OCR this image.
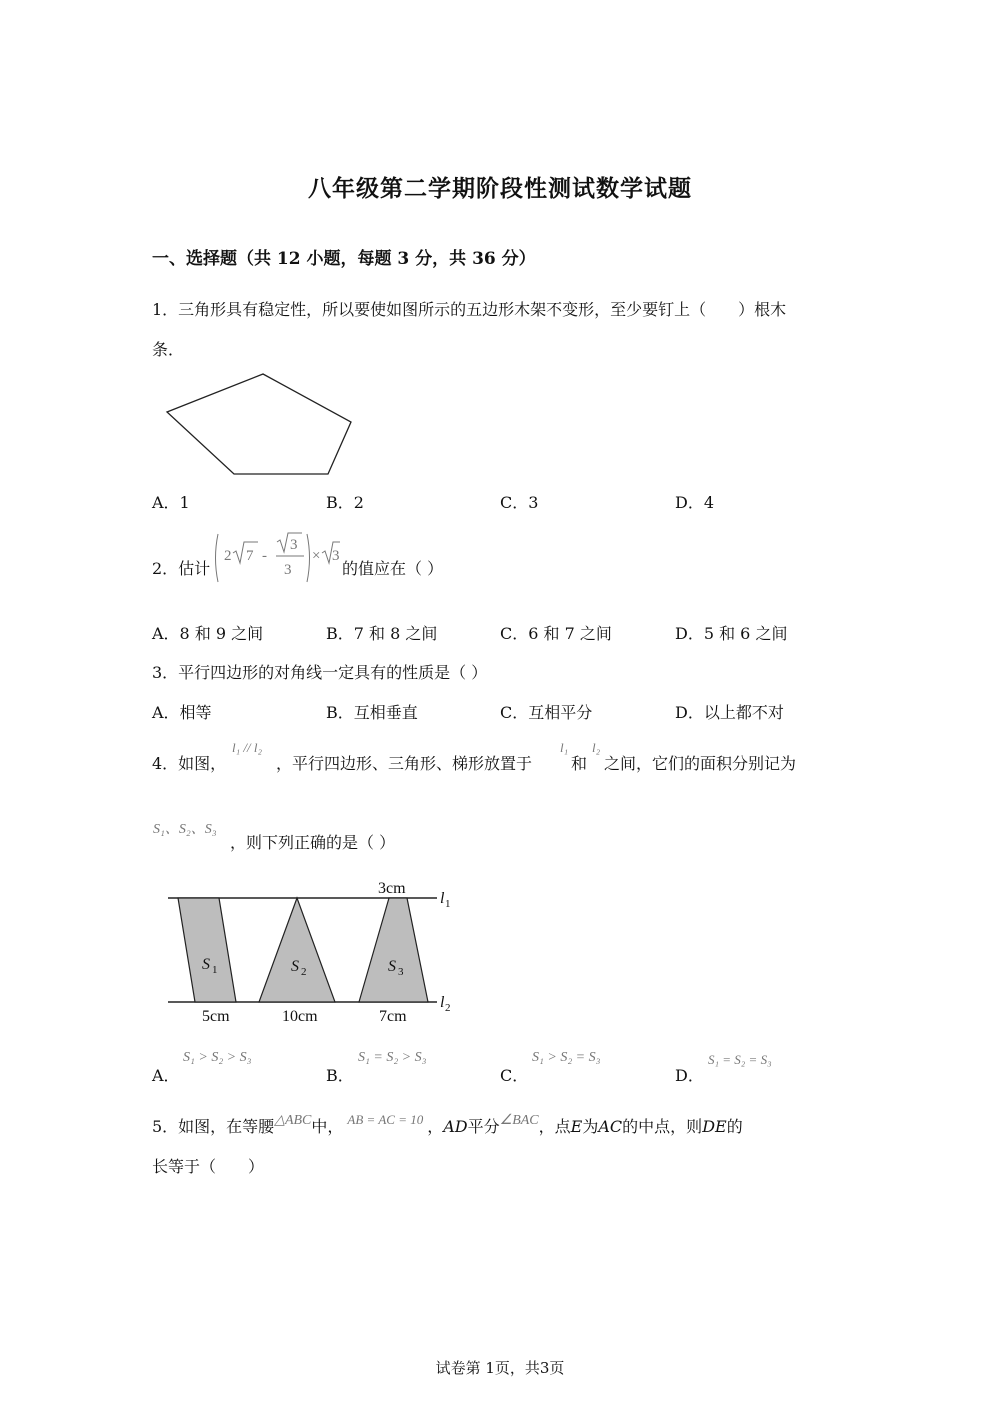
八年级第二学期阶段性测试数学试题
一、选择题（共 12 小题，每题 3 分，共 36 分）
1．三角形具有稳定性，所以要使如图所示的五边形木架不变形，至少要钉上（　　）根木
条．
A．1	B．2	C．3	D．4
2．估计
2 7 -
3
3
× 3
的值应在（ ）
A．8 和 9 之间	B．7 和 8 之间	C．6 和 7 之间	D．5 和 6 之间
3．平行四边形的对角线一定具有的性质是（ ）
A．相等	B．互相垂直	C．互相平分	D．以上都不对
4．如图，
l₁ // l₂
，平行四边形、三角形、梯形放置于
l₁
和
l₂
之间，它们的面积分别记为
S₁、S₂、S₃
，则下列正确的是（ ）
3cm
5cm	10cm	7cm
S 1	S 2	S 3
l 1
l 2
A．
S₁ > S₂ > S₃
B．
S₁ = S₂ > S₃
C．
S₁ > S₂ = S₃
D．
S₁ = S₂ = S₃
5．如图，在等腰△ABC中， $^{AB = AC = 10}$ ，AD平分∠BAC，点E为AC的中点，则DE的
长等于（　　）
试卷第 1页，共3页
